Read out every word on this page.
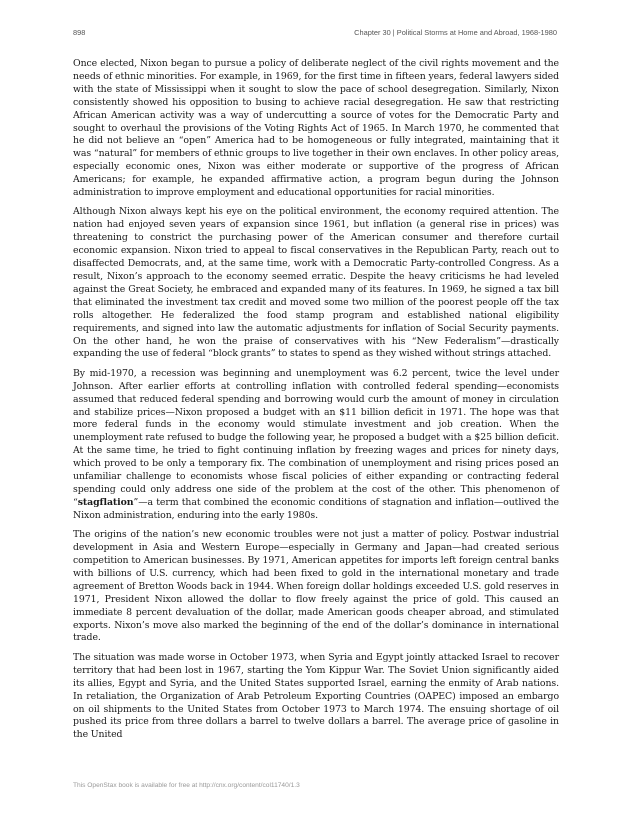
898	Chapter 30 | Political Storms at Home and Abroad, 1968-1980

Once elected, Nixon began to pursue a policy of deliberate neglect of the civil rights movement and the needs of ethnic minorities. For example, in 1969, for the first time in fifteen years, federal lawyers sided with the state of Mississippi when it sought to slow the pace of school desegregation. Similarly, Nixon consistently showed his opposition to busing to achieve racial desegregation. He saw that restricting African American activity was a way of undercutting a source of votes for the Democratic Party and sought to overhaul the provisions of the Voting Rights Act of 1965. In March 1970, he commented that he did not believe an “open” America had to be homogeneous or fully integrated, maintaining that it was “natural” for members of ethnic groups to live together in their own enclaves. In other policy areas, especially economic ones, Nixon was either moderate or supportive of the progress of African Americans; for example, he expanded affirmative action, a program begun during the Johnson administration to improve employment and educational opportunities for racial minorities.

Although Nixon always kept his eye on the political environment, the economy required attention. The nation had enjoyed seven years of expansion since 1961, but inflation (a general rise in prices) was threatening to constrict the purchasing power of the American consumer and therefore curtail economic expansion. Nixon tried to appeal to fiscal conservatives in the Republican Party, reach out to disaffected Democrats, and, at the same time, work with a Democratic Party-controlled Congress. As a result, Nixon’s approach to the economy seemed erratic. Despite the heavy criticisms he had leveled against the Great Society, he embraced and expanded many of its features. In 1969, he signed a tax bill that eliminated the investment tax credit and moved some two million of the poorest people off the tax rolls altogether. He federalized the food stamp program and established national eligibility requirements, and signed into law the automatic adjustments for inflation of Social Security payments. On the other hand, he won the praise of conservatives with his “New Federalism”—drastically expanding the use of federal “block grants” to states to spend as they wished without strings attached.

By mid-1970, a recession was beginning and unemployment was 6.2 percent, twice the level under Johnson. After earlier efforts at controlling inflation with controlled federal spending—economists assumed that reduced federal spending and borrowing would curb the amount of money in circulation and stabilize prices—Nixon proposed a budget with an $11 billion deficit in 1971. The hope was that more federal funds in the economy would stimulate investment and job creation. When the unemployment rate refused to budge the following year, he proposed a budget with a $25 billion deficit. At the same time, he tried to fight continuing inflation by freezing wages and prices for ninety days, which proved to be only a temporary fix. The combination of unemployment and rising prices posed an unfamiliar challenge to economists whose fiscal policies of either expanding or contracting federal spending could only address one side of the problem at the cost of the other. This phenomenon of “stagflation”—a term that combined the economic conditions of stagnation and inflation—outlived the Nixon administration, enduring into the early 1980s.

The origins of the nation’s new economic troubles were not just a matter of policy. Postwar industrial development in Asia and Western Europe—especially in Germany and Japan—had created serious competition to American businesses. By 1971, American appetites for imports left foreign central banks with billions of U.S. currency, which had been fixed to gold in the international monetary and trade agreement of Bretton Woods back in 1944. When foreign dollar holdings exceeded U.S. gold reserves in 1971, President Nixon allowed the dollar to flow freely against the price of gold. This caused an immediate 8 percent devaluation of the dollar, made American goods cheaper abroad, and stimulated exports. Nixon’s move also marked the beginning of the end of the dollar’s dominance in international trade.

The situation was made worse in October 1973, when Syria and Egypt jointly attacked Israel to recover territory that had been lost in 1967, starting the Yom Kippur War. The Soviet Union significantly aided its allies, Egypt and Syria, and the United States supported Israel, earning the enmity of Arab nations. In retaliation, the Organization of Arab Petroleum Exporting Countries (OAPEC) imposed an embargo on oil shipments to the United States from October 1973 to March 1974. The ensuing shortage of oil pushed its price from three dollars a barrel to twelve dollars a barrel. The average price of gasoline in the United

This OpenStax book is available for free at http://cnx.org/content/col11740/1.3
